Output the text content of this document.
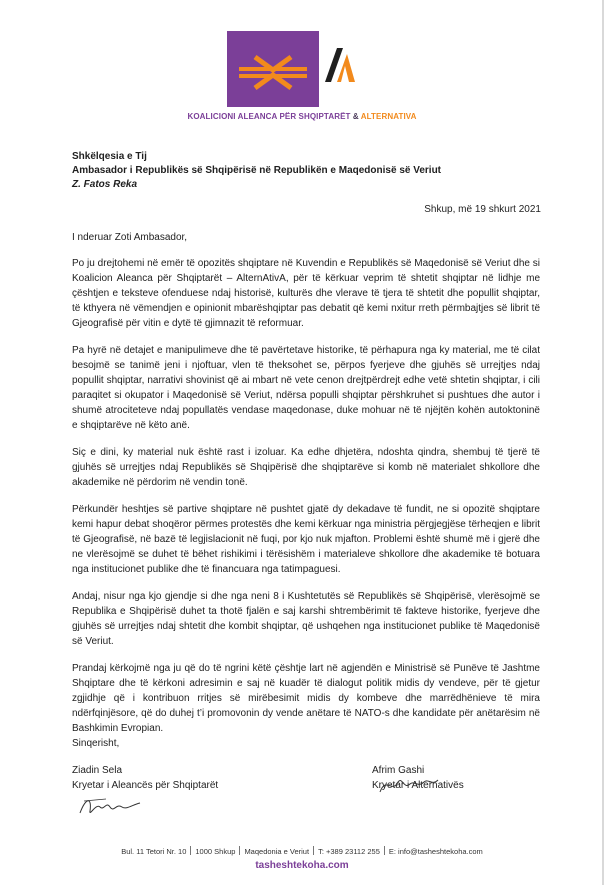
KOALICIONI ALEANCA PËR SHQIPTARËT & ALTERNATIVA
Shkëlqesia e Tij
Ambasador i Republikës së Shqipërisë në Republikën e Maqedonisë së Veriut
Z. Fatos Reka
Shkup, më 19 shkurt 2021
I nderuar Zoti Ambasador,

Po ju drejtohemi në emër të opozitës shqiptare në Kuvendin e Republikës së Maqedonisë së Veriut dhe si Koalicion Aleanca për Shqiptarët – AlternAtivA, për të kërkuar veprim të shtetit shqiptar në lidhje me çështjen e teksteve ofenduese ndaj historisë, kulturës dhe vlerave të tjera të shtetit dhe popullit shqiptar, të kthyera në vëmendjen e opinionit mbarëshqiptar pas debatit që kemi nxitur rreth përmbajtjes së librit të Gjeografisë për vitin e dytë të gjimnazit të reformuar.

Pa hyrë në detajet e manipulimeve dhe të pavërtetave historike, të përhapura nga ky material, me të cilat besojmë se tanimë jeni i njoftuar, vlen të theksohet se, përpos fyerjeve dhe gjuhës së urrejtjes ndaj popullit shqiptar, narrativi shovinist që ai mbart në vete cenon drejtpërdrejt edhe vetë shtetin shqiptar, i cili paraqitet si okupator i Maqedonisë së Veriut, ndërsa populli shqiptar përshkruhet si pushtues dhe autor i shumë atrociteteve ndaj popullatës vendase maqedonase, duke mohuar në të njëjtën kohën autoktoninë e shqiptarëve në këto anë.

Siç e dini, ky material nuk është rast i izoluar. Ka edhe dhjetëra, ndoshta qindra, shembuj të tjerë të gjuhës së urrejtjes ndaj Republikës së Shqipërisë dhe shqiptarëve si komb në materialet shkollore dhe akademike në përdorim në vendin tonë.

Përkundër heshtjes së partive shqiptare në pushtet gjatë dy dekadave të fundit, ne si opozitë shqiptare kemi hapur debat shoqëror përmes protestës dhe kemi kërkuar nga ministria përgjegjëse tërheqjen e librit të Gjeografisë, në bazë të legjislacionit në fuqi, por kjo nuk mjafton. Problemi është shumë më i gjerë dhe ne vlerësojmë se duhet të bëhet rishikimi i tërësishëm i materialeve shkollore dhe akademike të botuara nga institucionet publike dhe të financuara nga tatimpaguesi.

Andaj, nisur nga kjo gjendje si dhe nga neni 8 i Kushtetutës së Republikës së Shqipërisë, vlerësojmë se Republika e Shqipërisë duhet ta thotë fjalën e saj karshi shtrembërimit të fakteve historike, fyerjeve dhe gjuhës së urrejtjes ndaj shtetit dhe kombit shqiptar, që ushqehen nga institucionet publike të Maqedonisë së Veriut.

Prandaj kërkojmë nga ju që do të ngrini këtë çështje lart në agjendën e Ministrisë së Punëve të Jashtme Shqiptare dhe të kërkoni adresimin e saj në kuadër të dialogut politik midis dy vendeve, për të gjetur zgjidhje që i kontribuon rritjes së mirëbesimit midis dy kombeve dhe marrëdhënieve të mira ndërfqinjësore, që do duhej t’i promovonin dy vende anëtare të NATO-s dhe kandidate për anëtarësim në Bashkimin Evropian.

Sinqerisht,
Ziadin Sela
Kryetar i Aleancës për Shqiptarët
Afrim Gashi
Kryetar i Alternativës
Bul. 11 Tetori Nr. 10 1000 Shkup Maqedonia e Veriut T: +389 23112 255 E: info@tasheshtekoha.com
tasheshtekoha.com
